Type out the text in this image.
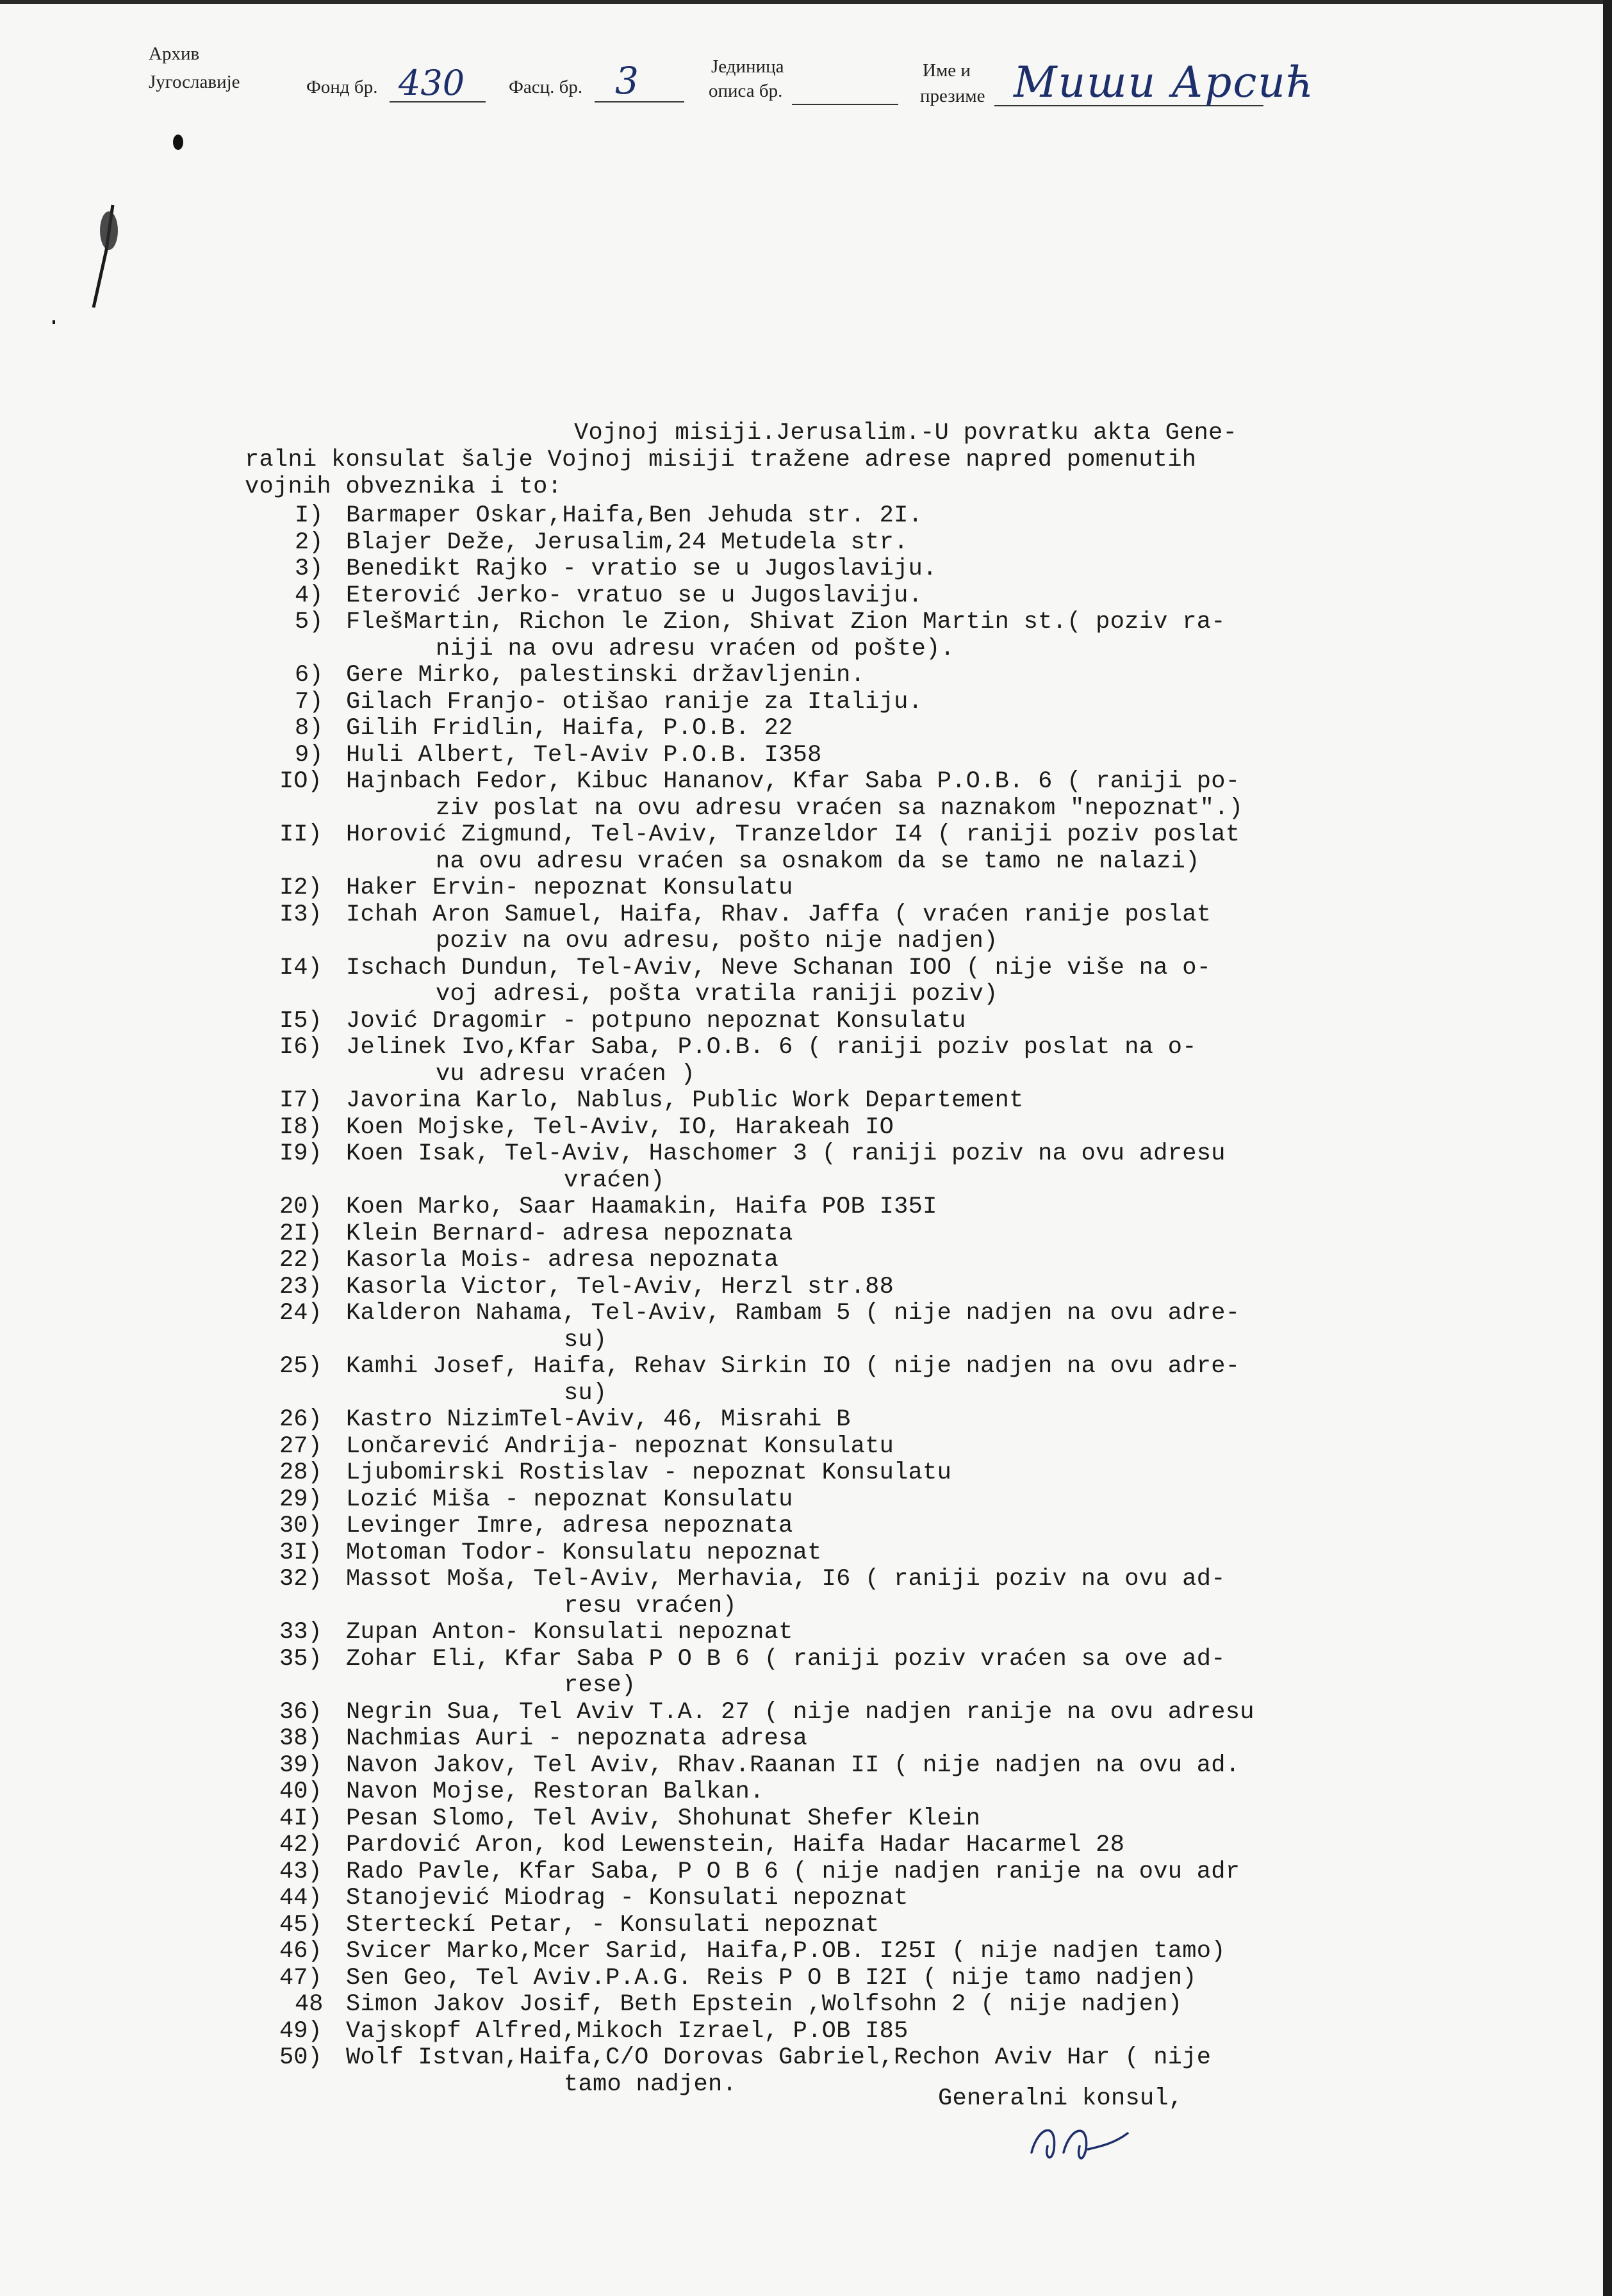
Архив
Југославије	Фонд бр. 430 Фасц. бр. 3	Јединица
описа бр.
Име и
презиме Миши Арсић
Vojnoj misiji.Jerusalim.-U povratku akta Gene-
ralni konsulat šalje Vojnoj misiji tražene adrese napred pomenutih
vojnih obveznika i to:
I) Barmaper Oskar,Haifa,Ben Jehuda str. 2I.
2) Blajer Deže, Jerusalim,24 Metudela str.
3) Benedikt Rajko - vratio se u Jugoslaviju.
4) Eterović Jerko- vratuo se u Jugoslaviju.
5) FlešMartin, Richon le Zion, Shivat Zion Martin st.( poziv ra-
niji na ovu adresu vraćen od pošte).
6) Gere Mirko, palestinski državljenin.
7) Gilach Franjo- otišao ranije za Italiju.
8) Gilih Fridlin, Haifa, P.O.B. 22
9) Huli Albert, Tel-Aviv P.O.B. I358
IO) Hajnbach Fedor, Kibuc Hananov, Kfar Saba P.O.B. 6 ( raniji po-
ziv poslat na ovu adresu vraćen sa naznakom "nepoznat".)
II) Horović Zigmund, Tel-Aviv, Tranzeldor I4 ( raniji poziv poslat
na ovu adresu vraćen sa osnakom da se tamo ne nalazi)
I2) Haker Ervin- nepoznat Konsulatu
I3) Ichah Aron Samuel, Haifa, Rhav. Jaffa ( vraćen ranije poslat
poziv na ovu adresu, pošto nije nadjen)
I4) Ischach Dundun, Tel-Aviv, Neve Schanan IOO ( nije više na o-
voj adresi, pošta vratila raniji poziv)
I5) Jović Dragomir - potpuno nepoznat Konsulatu
I6) Jelinek Ivo,Kfar Saba, P.O.B. 6 ( raniji poziv poslat na o-
vu adresu vraćen )
I7) Javorina Karlo, Nablus, Public Work Departement
I8) Koen Mojske, Tel-Aviv, IO, Harakeah IO
I9) Koen Isak, Tel-Aviv, Haschomer 3 ( raniji poziv na ovu adresu
vraćen)
20) Koen Marko, Saar Haamakin, Haifa POB I35I
2I) Klein Bernard- adresa nepoznata
22) Kasorla Mois- adresa nepoznata
23) Kasorla Victor, Tel-Aviv, Herzl str.88
24) Kalderon Nahama, Tel-Aviv, Rambam 5 ( nije nadjen na ovu adre-
su)
25) Kamhi Josef, Haifa, Rehav Sirkin IO ( nije nadjen na ovu adre-
su)
26) Kastro NizimTel-Aviv, 46, Misrahi B
27) Lončarević Andrija- nepoznat Konsulatu
28) Ljubomirski Rostislav - nepoznat Konsulatu
29) Lozić Miša - nepoznat Konsulatu
30) Levinger Imre, adresa nepoznata
3I) Motoman Todor- Konsulatu nepoznat
32) Massot Moša, Tel-Aviv, Merhavia, I6 ( raniji poziv na ovu ad-
resu vraćen)
33) Zupan Anton- Konsulati nepoznat
35) Zohar Eli, Kfar Saba P O B 6 ( raniji poziv vraćen sa ove ad-
rese)
36) Negrin Sua, Tel Aviv T.A. 27 ( nije nadjen ranije na ovu adresu
38) Nachmias Auri - nepoznata adresa
39) Navon Jakov, Tel Aviv, Rhav.Raanan II ( nije nadjen na ovu ad.
40) Navon Mojse, Restoran Balkan.
4I) Pesan Slomo, Tel Aviv, Shohunat Shefer Klein
42) Pardović Aron, kod Lewenstein, Haifa Hadar Hacarmel 28
43) Rado Pavle, Kfar Saba, P O B 6 ( nije nadjen ranije na ovu adr
44) Stanojević Miodrag - Konsulati nepoznat
45) Sterteckí Petar, - Konsulati nepoznat
46) Svicer Marko,Mcer Sarid, Haifa,P.OB. I25I ( nije nadjen tamo)
47) Sen Geo, Tel Aviv.P.A.G. Reis P O B I2I ( nije tamo nadjen)
48 Simon Jakov Josif, Beth Epstein ,Wolfsohn 2 ( nije nadjen)
49) Vajskopf Alfred,Mikoch Izrael, P.OB I85
50) Wolf Istvan,Haifa,C/O Dorovas Gabriel,Rechon Aviv Har ( nije
tamo nadjen.
Generalni konsul,
